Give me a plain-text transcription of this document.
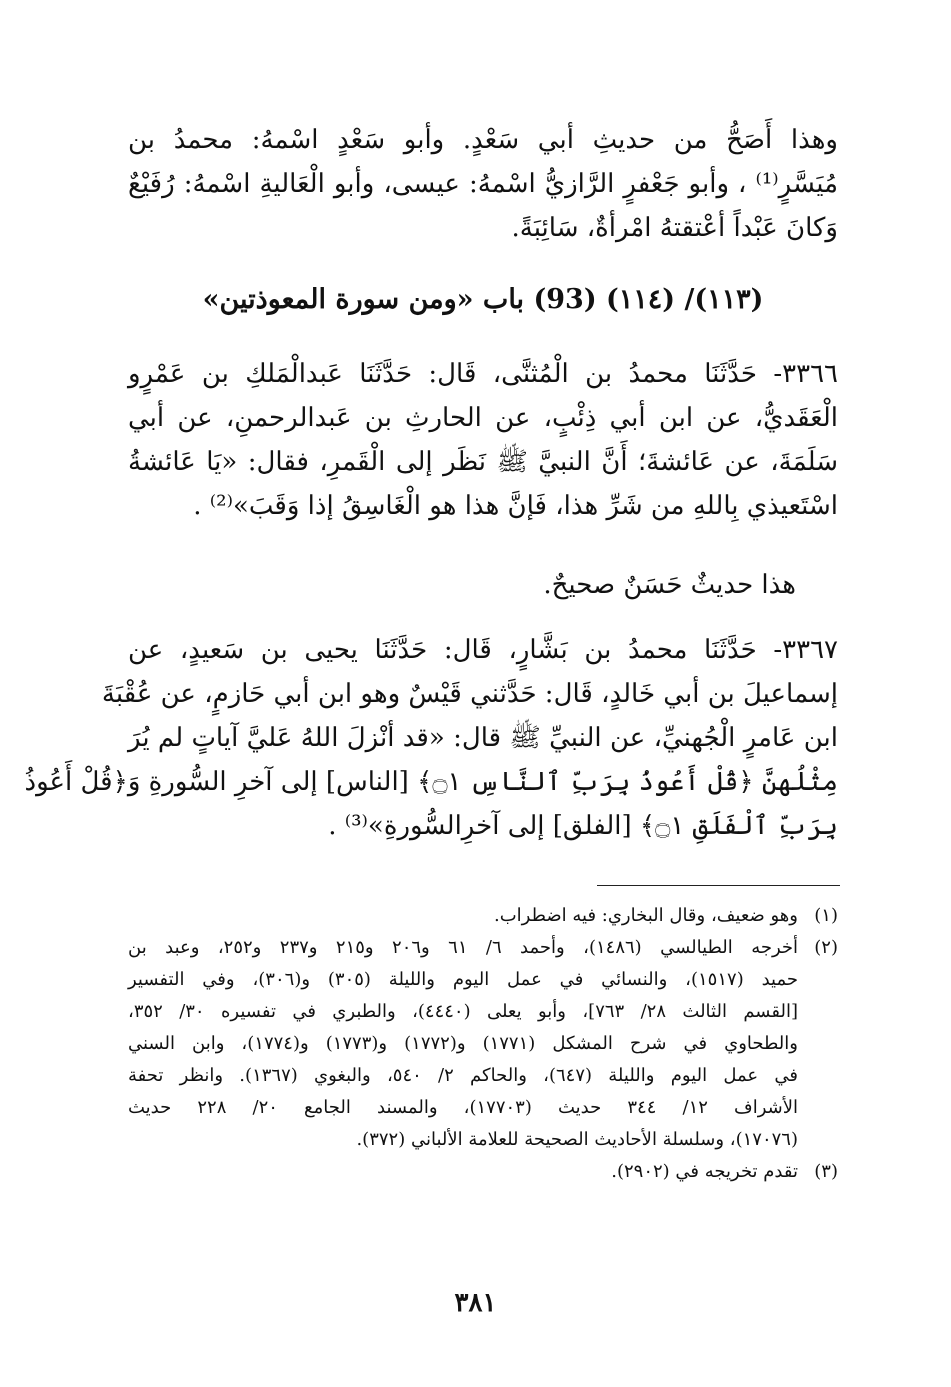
وهذا أَصَحُّ من حديثِ أبي سَعْدٍ. وأبو سَعْدٍ اسْمهُ: محمدُ بن
مُيَسَّرٍ⁽¹⁾ ، وأبو جَعْفرٍ الرَّازيُّ اسْمهُ: عيسى، وأبو الْعَاليةِ اسْمهُ: رُفَيْعٌ
وَكانَ عَبْداً أعْتقتهُ امْرأةٌ، سَائِبَةً.
(١١٣)/ (١١٤) (93) باب «ومن سورة المعوذتين»
٣٣٦٦- حَدَّثَنَا محمدُ بن الْمُثنَّى، قَال: حَدَّثَنَا عَبدالْمَلكِ بن عَمْرٍو
الْعَقَديُّ، عن ابن أبي ذِئْبٍ، عن الحارثِ بن عَبدالرحمنِ، عن أبي
سَلَمَةَ، عن عَائشةَ؛ أَنَّ النبيَّ ﷺ نَظَر إلى الْقَمرِ، فقال: «يَا عَائشةُ
اسْتَعيذي بِاللهِ من شَرِّ هذا، فَإنَّ هذا هو الْغَاسِقُ إذا وَقَبَ»⁽²⁾ .
هذا حديثٌ حَسَنٌ صحيحٌ.
٣٣٦٧- حَدَّثَنَا محمدُ بن بَشَّارٍ، قَال: حَدَّثَنَا يحيى بن سَعيدٍ، عن
إسماعيلَ بن أبي خَالدٍ، قَال: حَدَّثني قَيْسٌ وهو ابن أبي حَازمٍ، عن عُقْبَةَ
ابن عَامرٍ الْجُهنيِّ، عن النبيِّ ﷺ قال: «قد أنْزلَ اللهُ عَليَّ آياتٍ لم يُرَ
مِثْلُهنَّ ﴿قُلْ أَعُوذُ بِرَبِّ ٱلنَّاسِ ۝١﴾ [الناس] إلى آخرِ السُّورةِ وَ﴿قُلْ أَعُوذُ
بِرَبِّ ٱلْفَلَقِ ۝١﴾ [الفلق] إلى آخرِالسُّورةِ»⁽³⁾ .
(١)
وهو ضعيف، وقال البخاري: فيه اضطراب.
(٢)
أخرجه الطيالسي (١٤٨٦)، وأحمد ٦/ ٦١ و٢٠٦ و٢١٥ و٢٣٧ و٢٥٢، وعبد بن
حميد (١٥١٧)، والنسائي في عمل اليوم والليلة (٣٠٥) و(٣٠٦)، وفي التفسير
[القسم الثالث ٢٨/ ٧٦٣]، وأبو يعلى (٤٤٤٠)، والطبري في تفسيره ٣٠/ ٣٥٢،
والطحاوي في شرح المشكل (١٧٧١) و(١٧٧٢) و(١٧٧٣) و(١٧٧٤)، وابن السني
في عمل اليوم والليلة (٦٤٧)، والحاكم ٢/ ٥٤٠، والبغوي (١٣٦٧). وانظر تحفة
الأشراف ١٢/ ٣٤٤ حديث (١٧٧٠٣)، والمسند الجامع ٢٠/ ٢٢٨ حديث
(١٧٠٧٦)، وسلسلة الأحاديث الصحيحة للعلامة الألباني (٣٧٢).
(٣)
تقدم تخريجه في (٢٩٠٢).
٣٨١
